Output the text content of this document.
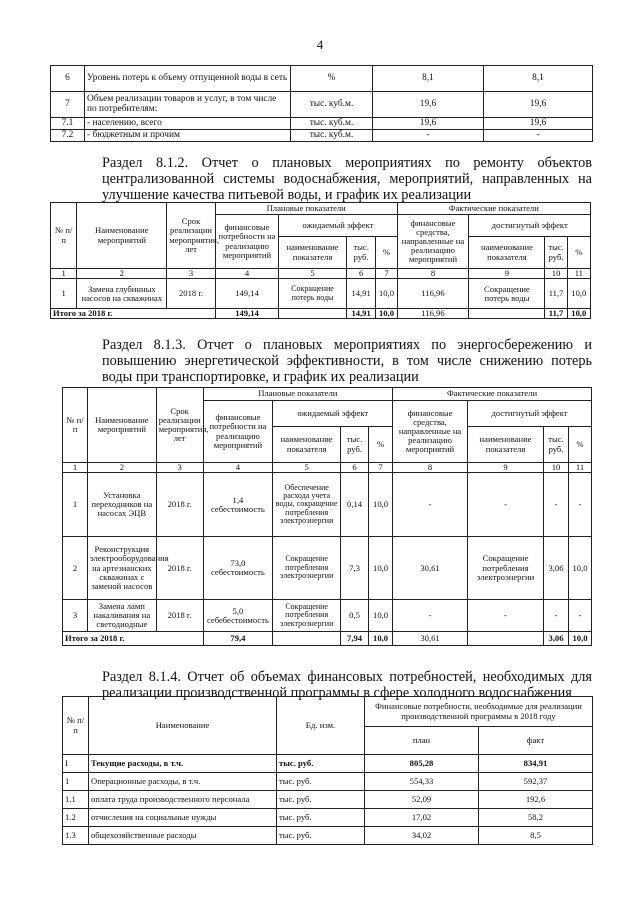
4
6	Уровень потерь к объему отпущенной воды в сеть	%	8,1	8,1
7	Объем реализации товаров и услуг, в том числе по потребителям:	тыс. куб.м.	19,6	19,6
7.1	- населению, всего	тыс. куб.м.	19,6	19,6
7.2	- бюджетным и прочим	тыс. куб.м.	-	-
Раздел 8.1.2. Отчет о плановых мероприятиях по ремонту объектов централизованной системы водоснабжения, мероприятий, направленных на улучшение качества питьевой воды, и график их реализации
№ п/п	Наименование мероприятий	Срок реализации мероприятия, лет	Плановые показатели				Фактические показатели			
			финансовые потребности на реализацию мероприятий	ожидаемый эффект			финансовые средства, направленные на реализацию мероприятий	достигнутый эффект		
				наименование показателя	тыс. руб.	%		наименование показателя	тыс. руб.	%
1	2	3	4	5	6	7	8	9	10	11
1	Замена глубинных насосов на скважинах	2018 г.	149,14	Сокращение потерь воды	14,91	10,0	116,96	Сокращение потерь воды	11,7	10,0
Итого за 2018 г.			149,14		14,91	10,0	116,96		11,7	10,0
Раздел 8.1.3. Отчет о плановых мероприятиях по энергосбережению и повышению энергетической эффективности, в том числе снижению потерь воды при транспортировке, и график их реализации
№ п/п	Наименование мероприятий	Срок реализации мероприятия, лет	Плановые показатели				Фактические показатели			
			финансовые потребности на реализацию мероприятий	ожидаемый эффект			финансовые средства, направленные на реализацию мероприятий	достигнутый эффект		
				наименование показателя	тыс. руб.	%		наименование показателя	тыс. руб.	%
1	2	3	4	5	6	7	8	9	10	11
1	Установка переходников на насосах ЭЦВ	2018 г.	1,4 себестоимость	Обеспечение расхода учета воды, сокращение потребления электроэнергии	0,14	10,0	-	-	-	-
2	Реконструкция электрооборудования на артезианских скважинах с заменой насосов	2018 г.	73,0 себестоимость	Сокращение потребления электроэнергии	7,3	10,0	30,61	Сокращение потребления электроэнергии	3,06	10,0
3	Замена ламп накаливания на светодиодные	2018 г.	5,0 себебестоимость	Сокращение потребления электроэнергии	0,5	10,0	-	-	-	-
Итого за 2018 г.			79,4		7,94	10,0	30,61		3,06	10,0
Раздел 8.1.4. Отчет об объемах финансовых потребностей, необходимых для реализации производственной программы в сфере холодного водоснабжения
№ п/п	Наименование	Ед. изм.	Финансовые потребности, необходимые для реализации производственной программы в 2018 году	
			план	факт
I	Текущие расходы, в т.ч.	тыс. руб.	805,28	834,91
1	Операционные расходы, в т.ч.	тыс. руб.	554,33	592,37
1.1	оплата труда производственного персонала	тыс. руб.	52,09	192,6
1.2	отчисления на социальные нужды	тыс. руб.	17,02	58,2
1.3	общехозяйственные расходы	тыс. руб.	34,02	8,5
